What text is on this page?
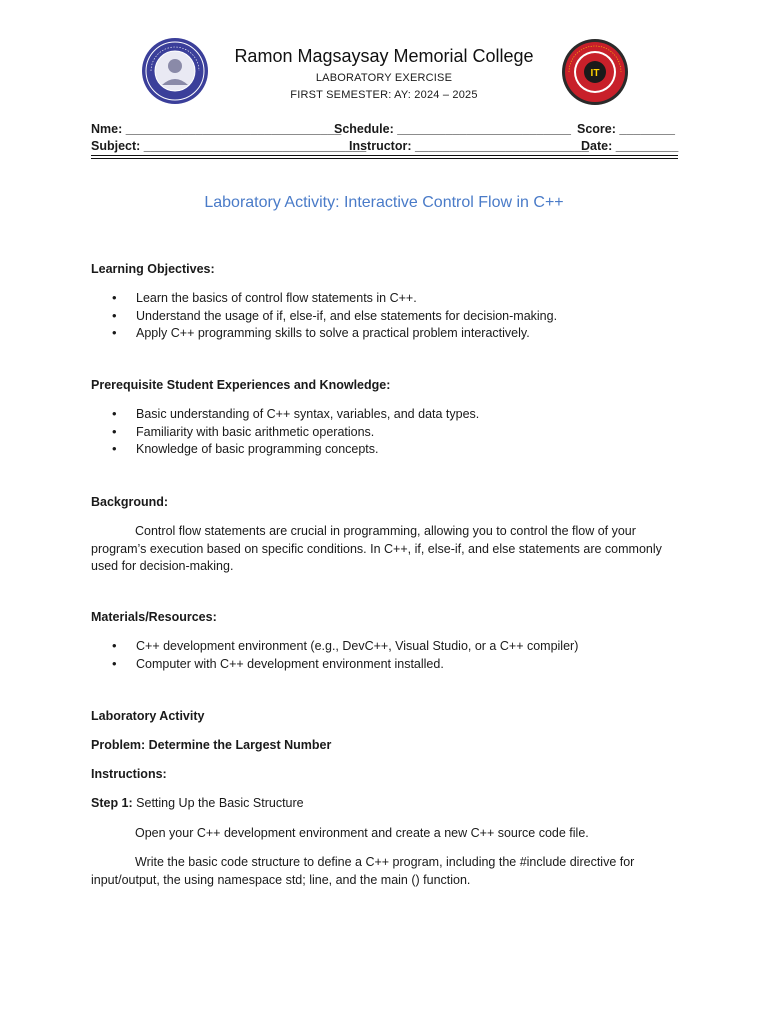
IT
Ramon Magsaysay Memorial College
LABORATORY EXERCISE
FIRST SEMESTER: AY: 2024 – 2025
Nme: _______________________________
Schedule: _________________________ Score: ________
Subject: ________________________________
Instructor: _________________________
Date: _________
Laboratory Activity: Interactive Control Flow in C++
Learning Objectives:
• Learn the basics of control flow statements in C++.
• Understand the usage of if, else-if, and else statements for decision-making.
• Apply C++ programming skills to solve a practical problem interactively.
Prerequisite Student Experiences and Knowledge:
• Basic understanding of C++ syntax, variables, and data types.
• Familiarity with basic arithmetic operations.
• Knowledge of basic programming concepts.
Background:
Control flow statements are crucial in programming, allowing you to control the flow of your program’s execution based on specific conditions. In C++, if, else-if, and else statements are commonly used for decision-making.
Materials/Resources:
• C++ development environment (e.g., DevC++, Visual Studio, or a C++ compiler)
• Computer with C++ development environment installed.
Laboratory Activity
Problem: Determine the Largest Number
Instructions:
Step 1: Setting Up the Basic Structure
Open your C++ development environment and create a new C++ source code file.
Write the basic code structure to define a C++ program, including the #include directive for input/output, the using namespace std; line, and the main () function.
